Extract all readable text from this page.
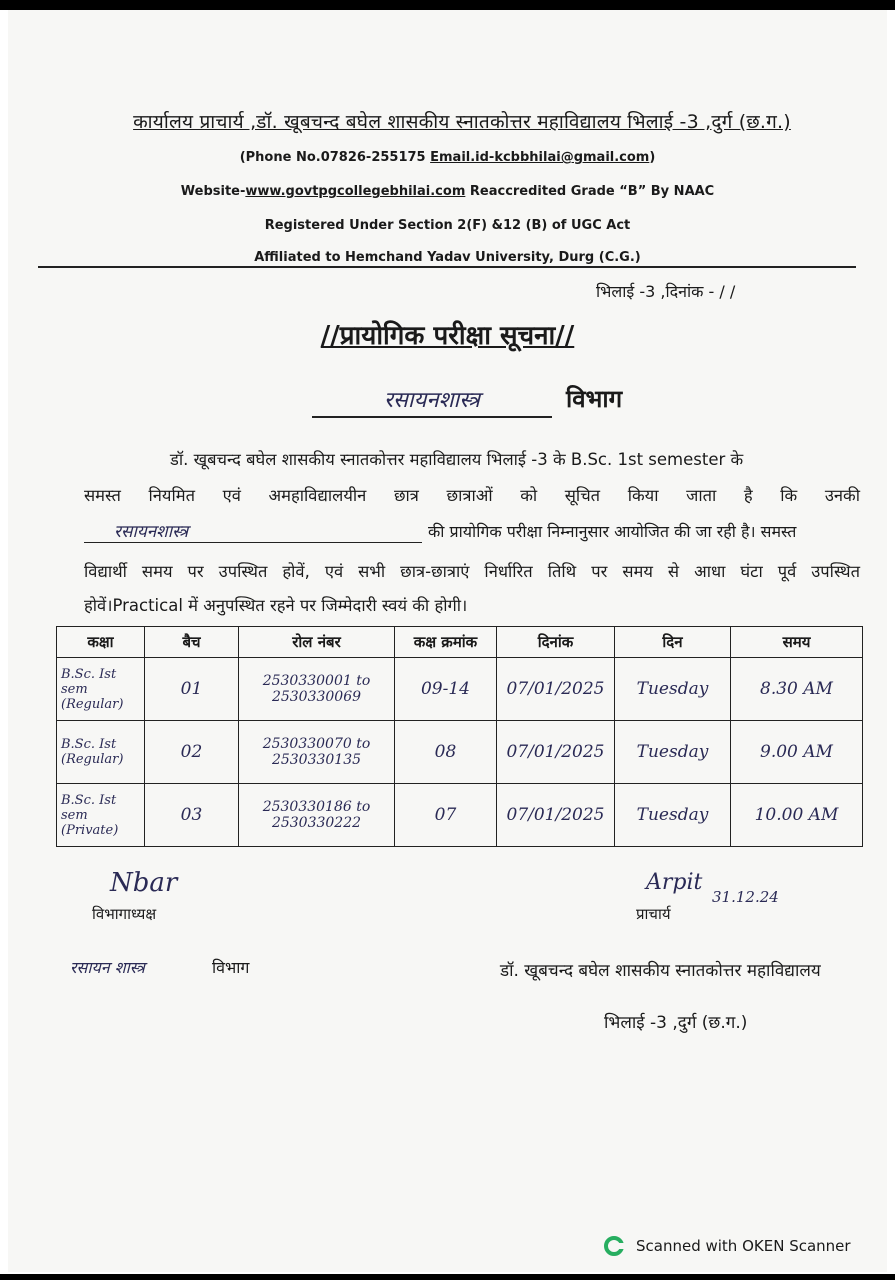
कार्यालय प्राचार्य ,डॉ. खूबचन्द बघेल शासकीय स्नातकोत्तर महाविद्यालय भिलाई -3 ,दुर्ग (छ.ग.)
(Phone No.07826-255175 Email.id-kcbbhilai@gmail.com)
Website-www.govtpgcollegebhilai.com Reaccredited Grade “B” By NAAC
Registered Under Section 2(F) &12 (B) of UGC Act
Affiliated to Hemchand Yadav University, Durg (C.G.)
भिलाई -3 ,दिनांक - / /
//प्रायोगिक परीक्षा सूचना//
रसायनशास्त्र	विभाग
डॉ. खूबचन्द बघेल शासकीय स्नातकोत्तर महाविद्यालय भिलाई -3 के B.Sc. 1st semester के
समस्त नियमित एवं अमहाविद्यालयीन छात्र छात्राओं को सूचित किया जाता है कि उनकी
रसायनशास्त्र	की प्रायोगिक परीक्षा निम्नानुसार आयोजित की जा रही है। समस्त
विद्यार्थी समय पर उपस्थित होवें, एवं सभी छात्र-छात्राएं निर्धारित तिथि पर समय से आधा घंटा पूर्व उपस्थित
होवें।Practical में अनुपस्थित रहने पर जिम्मेदारी स्वयं की होगी।
कक्षा	बैच	रोल नंबर	कक्ष क्रमांक	दिनांक	दिन	समय
B.Sc. Ist sem (Regular)	01	2530330001 to 2530330069	09-14	07/01/2025	Tuesday	8.30 AM
B.Sc. Ist (Regular)	02	2530330070 to 2530330135	08	07/01/2025	Tuesday	9.00 AM
B.Sc. Ist sem (Private)	03	2530330186 to 2530330222	07	07/01/2025	Tuesday	10.00 AM
Nbar
विभागाध्यक्ष
रसायन शास्त्र	विभाग
Arpit
31.12.24
प्राचार्य
डॉ. खूबचन्द बघेल शासकीय स्नातकोत्तर महाविद्यालय
भिलाई -3 ,दुर्ग (छ.ग.)
Scanned with OKEN Scanner
